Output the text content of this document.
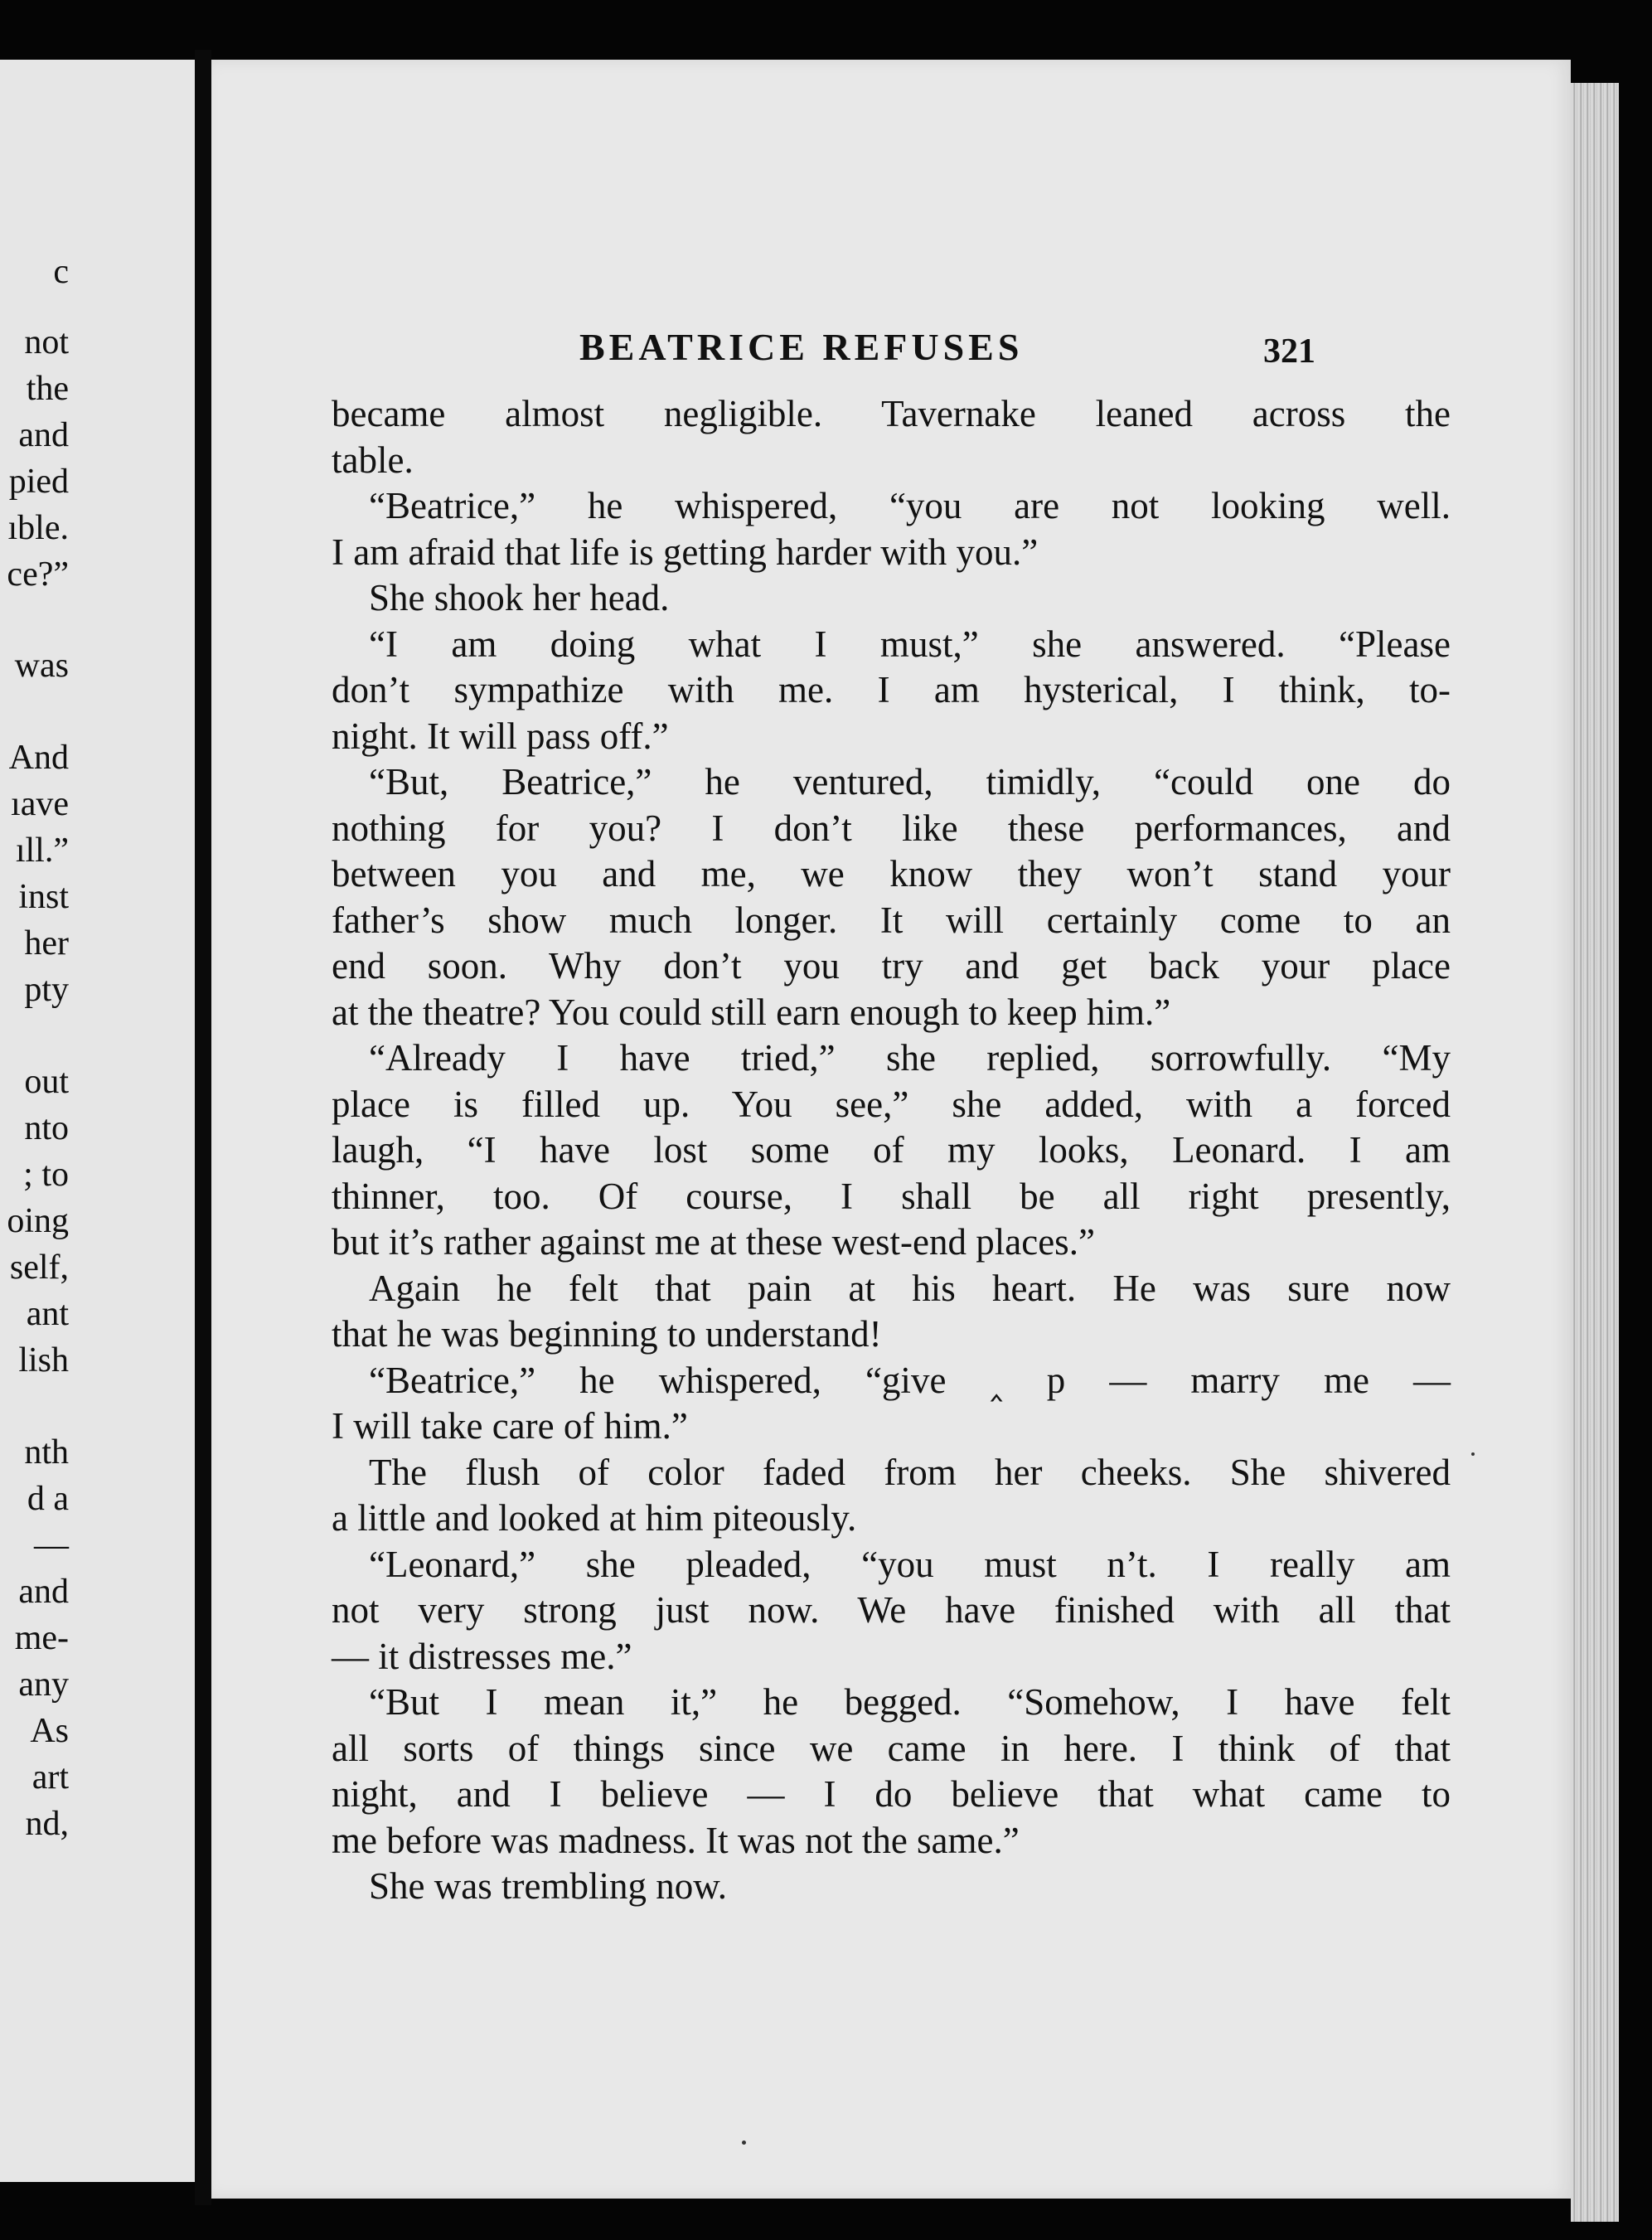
c
not
the
and
pied
ıble.
ce?”
was
And
ıave
ıll.”
inst
her
pty
out
nto
; to
oing
self,
ant
lish
nth
d a
—
and
me-
any
As
art
nd,
BEATRICE REFUSES	321
became almost negligible. Tavernake leaned across the
table.
“Beatrice,” he whispered, “you are not looking well.
I am afraid that life is getting harder with you.”
She shook her head.
“I am doing what I must,” she answered. “Please
don’t sympathize with me. I am hysterical, I think, to-
night. It will pass off.”
“But, Beatrice,” he ventured, timidly, “could one do
nothing for you? I don’t like these performances, and
between you and me, we know they won’t stand your
father’s show much longer. It will certainly come to an
end soon. Why don’t you try and get back your place
at the theatre? You could still earn enough to keep him.”
“Already I have tried,” she replied, sorrowfully. “My
place is filled up. You see,” she added, with a forced
laugh, “I have lost some of my looks, Leonard. I am
thinner, too. Of course, I shall be all right presently,
but it’s rather against me at these west-end places.”
Again he felt that pain at his heart. He was sure now
that he was beginning to understand!
“Beatrice,” he whispered, “give ‸ p — marry me —
I will take care of him.”
The flush of color faded from her cheeks. She shivered
a little and looked at him piteously.
“Leonard,” she pleaded, “you must n’t. I really am
not very strong just now. We have finished with all that
— it distresses me.”
“But I mean it,” he begged. “Somehow, I have felt
all sorts of things since we came in here. I think of that
night, and I believe — I do believe that what came to
me before was madness. It was not the same.”
She was trembling now.
